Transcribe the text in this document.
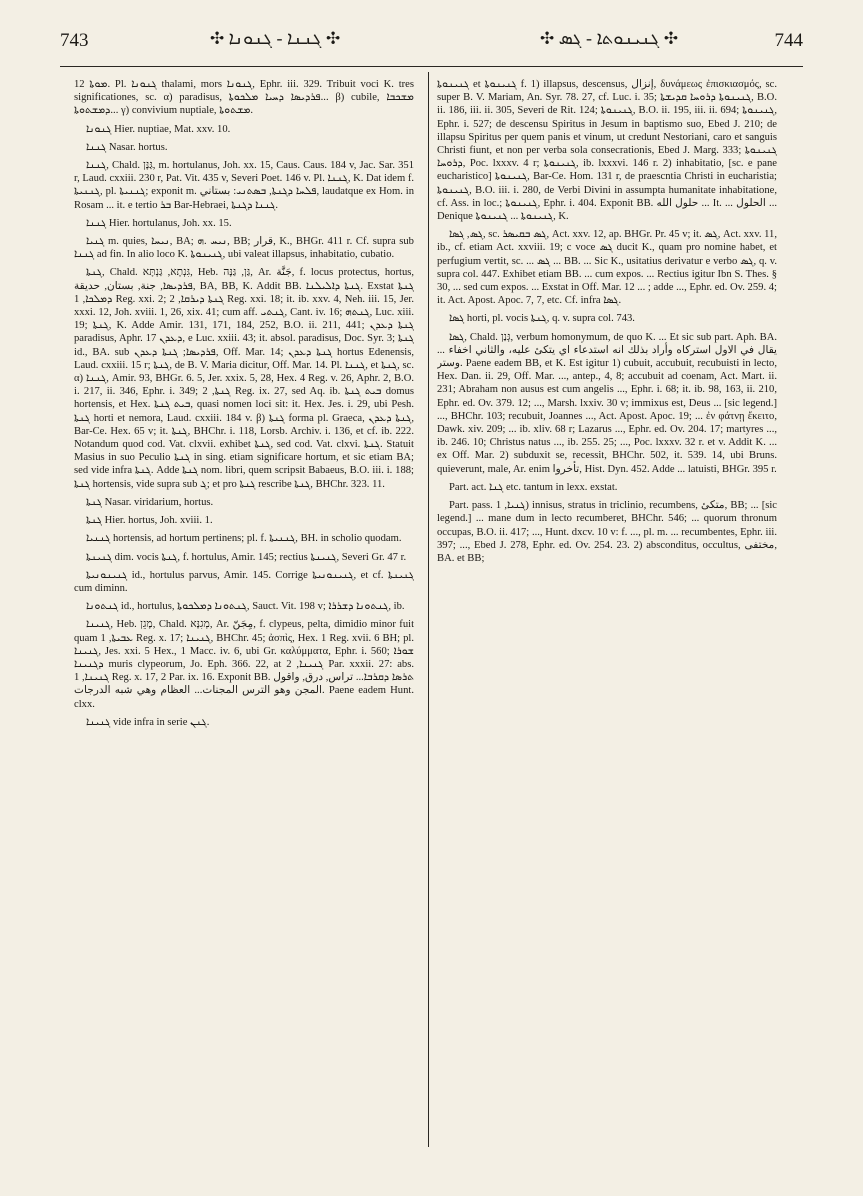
743	✣ ܓܢܢܐ - ܓܢܘܢܐ ✣	✣ ܓܢܝܢܘܬܐ - ܓܣ ✣	744

ܡܘܬܐ 12. Pl. ܓܢܘܢܐ thalami, mors ܓܢܘܢܐ, Ephr. iii. 329. Tribuit voci K. tres significationes, sc. α) paradisus, ܦܪܕܝܣܐ ܕܚܝܐ ܡܠܟܘܬܐ... β) cubile, ܡܫܟܒܐ ܕܡܫܬܘܬܐ... γ) convivium nuptiale, ܡܫܬܘܬܐ.

ܓܢܘܢܐ Hier. nuptiae, Mat. xxv. 10.

ܓܢܢܐ Nasar. hortus.

ܓܢܢܐ, Chald. גַּנָּן, m. hortulanus, Joh. xx. 15, Caus. Caus. 184 v, Jac. Sar. 351 r, Laud. cxxiii. 230 r, Pat. Vit. 435 v, Severi Poet. 146 v. Pl. ܓܢܢܐ, K. Dat idem f. ܓܢܢܝܬܐ, pl. ܓܢܢܝܬܐ; exponit m. ܦܠܚܐ ܕܓܢܬܐ, ܒܣܬܢܝ: بستاني, laudatque ex Hom. in Rosam ... it. e tertio ܒܪ Bar-Hebraei, ܓܢܢܐ ܕܓܢܬܐ.

ܓܢܢܐ Hier. hortulanus, Joh. xx. 15.

ܓܢܝܐ m. quies, ܢܝܚܐ, BA; ܢܝܚ .ܗ, BB; قرار, K., BHGr. 411 r. Cf. supra sub ܓܢܢܐ ad fin. In alio loco K. ܓܢܝܢܘܬܐ, ubi valeat illapsus, inhabitatio, cubatio.

ܓܢܬܐ, Chald. גִּנְתָא, גַּנְתָּא, Heb. גַּן, גַּנָּה, Ar. جَنَّة, f. locus protectus, hortus, ܦܪܕܝܣܐ, جنة, بستان, حديقة, BA, BB, K. Addit BB. ܓܢܬܐ ܕܐܠܝܠܢܐ. Exstat ܓܢܬܐ ܕܡܠܟܐ, 1 Reg. xxi. 2; ܓܢܬܐ ܕܝܪܩܐ, 2 Reg. xxi. 18; it. ib. xxv. 4, Neh. iii. 15, Jer. xxxi. 12, Joh. xviii. 1, 26, xix. 41; cum aff. ܓܢܬܝ, Cant. iv. 16; ܓܢܬܗ, Luc. xiii. 19; ܓܢܬܐ, K. Adde Amir. 131, 171, 184, 252, B.O. ii. 211, 441; ܓܢܬܐ ܕܥܕܢ paradisus, Aphr. ܕܥܕܢ 17, e Luc. xxiii. 43; it. absol. paradisus, Doc. Syr. 3; ܓܢܬܐ id., BA. sub ܦܪܕܝܣܐ; ܓܢܬܐ ܕܥܕܢ, Off. Mar. 14; ܓܢܬܐ ܕܥܕܢ hortus Edenensis, Laud. cxxiii. 15 r; ܓܢܬܐ, de B. V. Maria dicitur, Off. Mar. 14. Pl. ܓܢܢܐ, et ܓܢܬܐ, sc. α) ܓܢܢܐ, Amir. 93, BHGr. 6. 5, Jer. xxix. 5, 28, Hex. 4 Reg. v. 26, Aphr. 2, B.O. i. 217, ii. 346, Ephr. i. 349; ܓܢܬܐ, 2 Reg. ix. 27, sed Aq. ib. ܒܝܬ ܓܢܬܐ domus hortensis, et Hex. ܒܝܬ ܓܢܬܐ, quasi nomen loci sit: it. Hex. Jes. i. 29, ubi Pesh. ܓܢܬܐ horti et nemora, Laud. cxxiii. 184 v. β) ܓܢܬܐ forma pl. Graeca, ܓܢܬܐ ܕܥܕܢ, Bar-Ce. Hex. 65 v; it. ܓܢܬܐ, BHChr. i. 118, Lorsb. Archiv. i. 136, et cf. ib. 222. Notandum quod cod. Vat. clxvii. exhibet ܓܢܬܐ, sed cod. Vat. clxvi. ܓܢܬܐ. Statuit Masius in suo Peculio ܓܢܬܐ in sing. etiam significare hortum, et sic etiam BA; sed vide infra ܓܢܬܐ. Adde ܓܢܬܐ nom. libri, quem scripsit Babaeus, B.O. iii. i. 188; ܓܢܬܐ hortensis, vide supra sub ܓ; et pro ܓܢܬܐ rescribe ܓܢܬܐ, BHChr. 323. 11.

ܓܢܬܐ Nasar. viridarium, hortus.

ܓܢܬܐ Hier. hortus, Joh. xviii. 1.

ܓܢܢܝܐ hortensis, ad hortum pertinens; pl. f. ܓܢܢܝܬܐ, BH. in scholio quodam.

ܓܢܝܢܬܐ dim. vocis ܓܢܬܐ, f. hortulus, Amir. 145; rectius ܓܢܝܢܬܐ, Severi Gr. 47 r.

ܓܢܝܢܘܢܝܬܐ id., hortulus parvus, Amir. 145. Corrige ܓܢܝܢܘܢܝܬܐ, et cf. ܓܢܝܢܬܐ cum diminn.

ܓܢܬܘܢܐ id., hortulus, ܓܢܬܘܢܐ ܕܡܠܟܘܬܐ, Sauct. Vit. 198 v; ܓܢܬܘܢܐ ܕܫܪܪܐ, ib.

ܓܢܝܢܐ, Heb. מָגֵן, Chald. מְגִנָּא, Ar. مِجَنّ, f. clypeus, pelta, dimidio minor fuit quam ܥܒܝܬܐ, 1 Reg. x. 17; ܓܢܝܢܐ, BHChr. 45; ἀσπὶς, Hex. 1 Reg. xvii. 6 BH; pl. ܓܢܝܢܐ, Jes. xxi. 5 Hex., 1 Macc. iv. 6, ubi Gr. καλύμματα, Ephr. i. 560; ܫܘܪܐ ܕܓܢܝܢܐ muris clypeorum, Jo. Eph. 366. 22, at ܓܢܝܢܐ, 2 Par. xxxii. 27: abs. ܓܢܝܢܐ, 1 Reg. x. 17, 2 Par. ix. 16. Exponit BB. ܬܪܣܐ ܕܩܪܒܐ... تراس, درق, واقول المجن وهو الترس المجنات... العظام وهي شبه الدرجات. Paene eadem Hunt. clxx.

ܓܢܝܢܐ vide infra in serie ܓܢܢ.

ܓܢܝܢܘܬܐ et ܓܢܝܢܘܬܐ f. 1) illapsus, descensus, إنزال, δυνάμεως ἐπισκιασμός, sc. super B. V. Mariam, An. Syr. 78. 27, cf. Luc. i. 35; ܓܢܝܢܘܬܐ ܕܪܘܚܐ ܩܕܝܫܬܐ, B.O. ii. 186, iii. ii. 305, Severi de Rit. 124; ܓܢܝܢܘܬܐ, B.O. ii. 195, iii. ii. 694; ܓܢܝܢܘܬܐ, Ephr. i. 527; de descensu Spiritus in Jesum in baptismo suo, Ebed J. 210; de illapsu Spiritus per quem panis et vinum, ut credunt Nestoriani, caro et sanguis Christi fiunt, et non per verba sola consecrationis, Ebed J. Marg. 333; ܓܢܝܢܘܬܐ ܕܪܘܚܐ, Poc. lxxxv. 4 r; ܓܢܝܢܘܬܐ, ib. lxxxvi. 146 r. 2) inhabitatio, [sc. e pane eucharistico] ܓܢܝܢܘܬܐ, Bar-Ce. Hom. 131 r, de praescntia Christi in eucharistia; ܓܢܝܢܘܬܐ, B.O. iii. i. 280, de Verbi Divini in assumpta humanitate inhabitatione, cf. Ass. in loc.; ܓܢܝܢܘܬܐ, Ephr. i. 404. Exponit BB. حلول الله ... It. ... الحلول ... Denique ܓܢܝܢܘܬܐ ... ܓܢܝܢܘܬܐ, K.

ܓܣ, ܓܣܐ, sc. ܓܣ ܒܩܝܣܪ, Act. xxv. 12, ap. BHGr. Pr. 45 v; it. ܓܣ, Act. xxv. 11, ib., cf. etiam Act. xxviii. 19; c voce ܓܣ ducit K., quam pro nomine habet, et perfugium vertit, sc. ... ܓܣ ... BB. ... Sic K., usitatius derivatur e verbo ܓܣ, q. v. supra col. 447. Exhibet etiam BB. ... cum expos. ... Rectius igitur Ibn S. Thes. § 30, ... sed cum expos. ... Exstat in Off. Mar. 12 ... ; adde ..., Ephr. ed. Ov. 259. 4; it. Act. Apost. Apoc. 7, 7, etc. Cf. infra ܓܣܐ.

ܓܣܐ horti, pl. vocis ܓܢܬܐ, q. v. supra col. 743.

ܓܣܐ, Chald. גְּנַן, verbum homonymum, de quo K. ... Et sic sub part. Aph. BA. ... يقال في الاول استركاه وأراد بذلك انه استدعاء اي يتكئ عليه، والثاني اخفاء وستر. Paene eadem BB, et K. Est igitur 1) cubuit, accubuit, recubuisti in lecto, Hex. Dan. ii. 29, Off. Mar. ..., antep., 4, 8; accubuit ad coenam, Act. Mart. ii. 231; Abraham non ausus est cum angelis ..., Ephr. i. 68; it. ib. 98, 163, ii. 210, Ephr. ed. Ov. 379. 12; ..., Marsh. lxxiv. 30 v; immixus est, Deus ... [sic legend.] ..., BHChr. 103; recubuit, Joannes ..., Act. Apost. Apoc. 19; ... ἐν φάτνῃ ἔκειτο, Dawk. xiv. 209; ... ib. xliv. 68 r; Lazarus ..., Ephr. ed. Ov. 204. 17; martyres ..., ib. 246. 10; Christus natus ..., ib. 255. 25; ..., Poc. lxxxv. 32 r. et v. Addit K. ... ex Off. Mar. 2) subduxit se, recessit, BHChr. 502, it. 539. 14, ubi Bruns. quieverunt, male, Ar. enim تأخروا, Hist. Dyn. 452. Adde ... latuisti, BHGr. 395 r.

Part. act. ܓܢܐ etc. tantum in lexx. exstat.

Part. pass. ܓܢܝܐ, 1) innisus, stratus in triclinio, recumbens, متكئ, BB; ... [sic legend.] ... mane dum in lecto recumberet, BHChr. 546; ... quorum thronum occupas, B.O. ii. 417; ..., Hunt. dxcv. 10 v: f. ..., pl. m. ... recumbentes, Ephr. iii. 397; ..., Ebed J. 278, Ephr. ed. Ov. 254. 23. 2) absconditus, occultus, مختفى, BA. et BB;
